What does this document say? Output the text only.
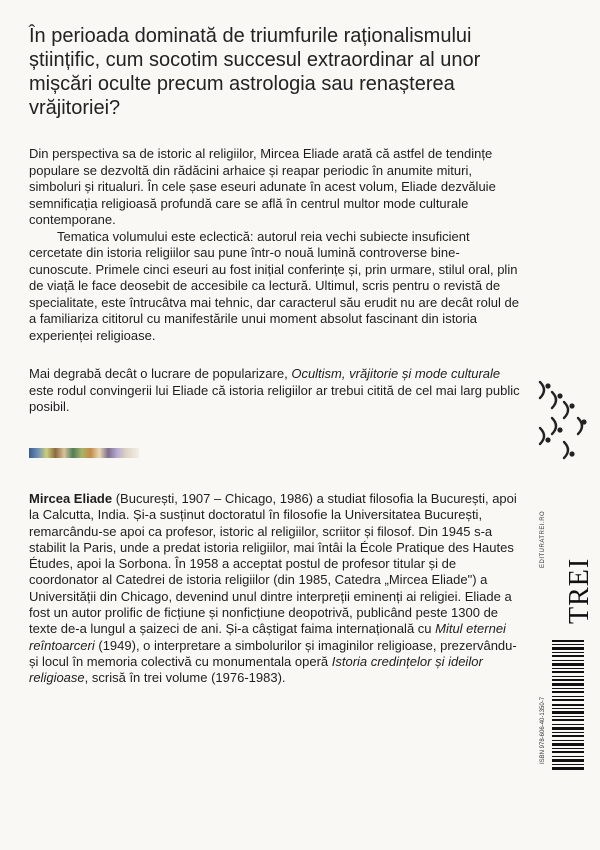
În perioada dominată de triumfurile raționalismului științific, cum socotim succesul extraordinar al unor mișcări oculte precum astrologia sau renașterea vrăjitoriei?

Din perspectiva sa de istoric al religiilor, Mircea Eliade arată că astfel de tendințe populare se dezvoltă din rădăcini arhaice și reapar periodic în anumite mituri, simboluri și ritualuri. În cele șase eseuri adunate în acest volum, Eliade dezvăluie semnificația religioasă profundă care se află în centrul multor mode culturale contemporane.

Tematica volumului este eclectică: autorul reia vechi subiecte insuficient cercetate din istoria religiilor sau pune într-o nouă lumină controverse bine-cunoscute. Primele cinci eseuri au fost inițial conferințe și, prin urmare, stilul oral, plin de viață le face deosebit de accesibile ca lectură. Ultimul, scris pentru o revistă de specialitate, este întrucâtva mai tehnic, dar caracterul său erudit nu are decât rolul de a familiariza cititorul cu manifestările unui moment absolut fascinant din istoria experienței religioase.

Mai degrabă decât o lucrare de popularizare, Ocultism, vrăjitorie și mode culturale este rodul convingerii lui Eliade că istoria religiilor ar trebui citită de cel mai larg public posibil.
Mircea Eliade (București, 1907 – Chicago, 1986) a studiat filosofia la București, apoi la Calcutta, India. Și-a susținut doctoratul în filosofie la Universitatea București, remarcându-se apoi ca profesor, istoric al religiilor, scriitor și filosof. Din 1945 s-a stabilit la Paris, unde a predat istoria religiilor, mai întâi la École Pratique des Hautes Études, apoi la Sorbona. În 1958 a acceptat postul de profesor titular și de coordonator al Catedrei de istoria religiilor (din 1985, Catedra „Mircea Eliade") a Universității din Chicago, devenind unul dintre interpreții eminenți ai religiei. Eliade a fost un autor prolific de ficțiune și nonficțiune deopotrivă, publicând peste 1300 de texte de-a lungul a șaizeci de ani. Și-a câștigat faima internațională cu Mitul eternei reîntoarceri (1949), o interpretare a simbolurilor și imaginilor religioase, prezervându-și locul în memoria colectivă cu monumentala operă Istoria credințelor și ideilor religioase, scrisă în trei volume (1976-1983).
EDITURATREI.RO
TREI
ISBN 978-606-40-1350-7
